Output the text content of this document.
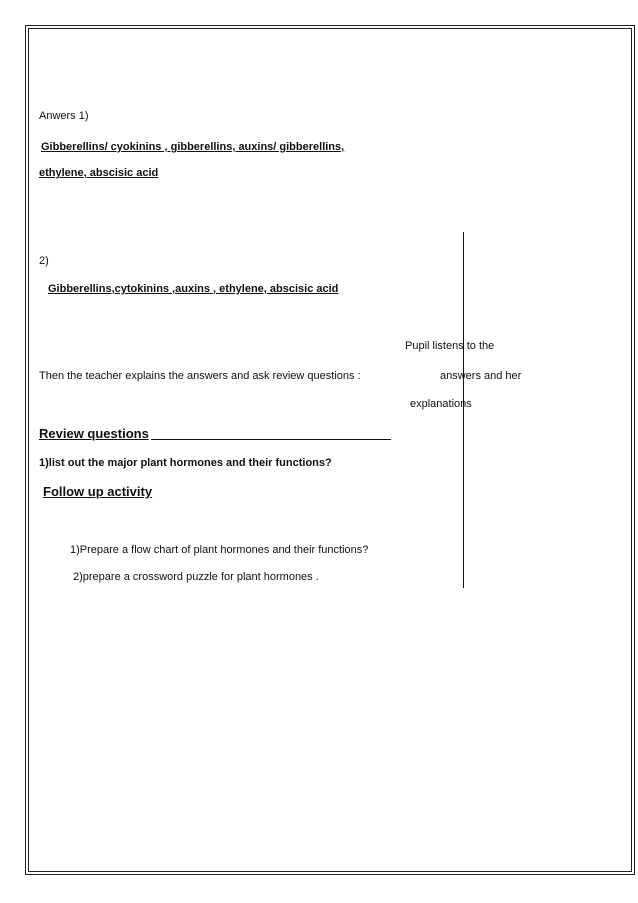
Anwers 1)
Gibberellins/ cyokinins , gibberellins, auxins/ gibberellins,
ethylene, abscisic acid
2)
Gibberellins,cytokinins ,auxins , ethylene, abscisic acid
Pupil listens to the
Then the teacher explains the answers and ask review questions :	answers and her
explanations
Review questions
1)list out the major plant hormones and their functions?
Follow up activity
1)Prepare a flow chart of plant hormones and their functions?
2)prepare a crossword puzzle for plant hormones .
